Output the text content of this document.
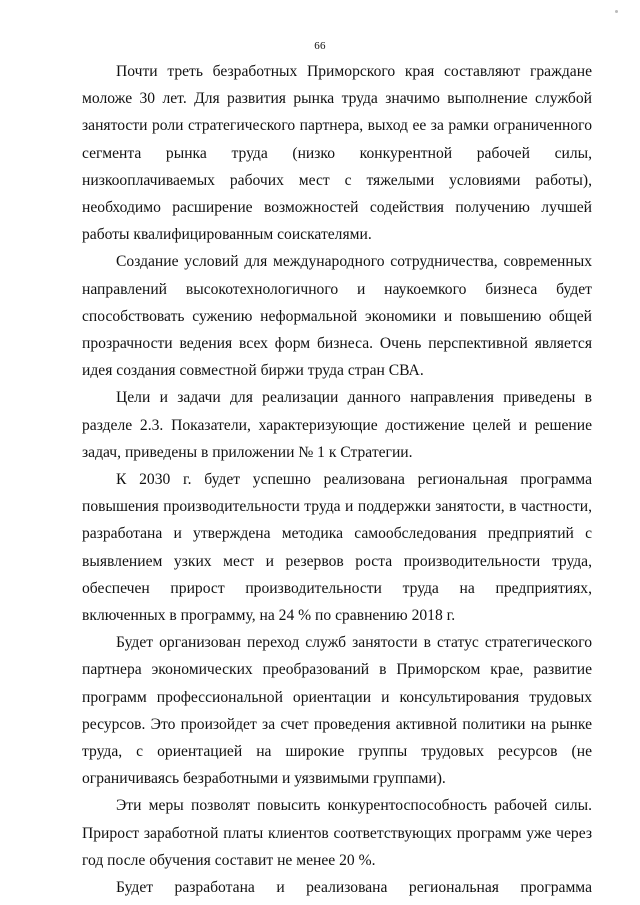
66

Почти треть безработных Приморского края составляют граждане моложе 30 лет. Для развития рынка труда значимо выполнение службой занятости роли стратегического партнера, выход ее за рамки ограниченного сегмента рынка труда (низко конкурентной рабочей силы, низкооплачиваемых рабочих мест с тяжелыми условиями работы), необходимо расширение возможностей содействия получению лучшей работы квалифицированным соискателями.

Создание условий для международного сотрудничества, современных направлений высокотехнологичного и наукоемкого бизнеса будет способствовать сужению неформальной экономики и повышению общей прозрачности ведения всех форм бизнеса. Очень перспективной является идея создания совместной биржи труда стран СВА.

Цели и задачи для реализации данного направления приведены в разделе 2.3. Показатели, характеризующие достижение целей и решение задач, приведены в приложении № 1 к Стратегии.

К 2030 г. будет успешно реализована региональная программа повышения производительности труда и поддержки занятости, в частности, разработана и утверждена методика самообследования предприятий с выявлением узких мест и резервов роста производительности труда, обеспечен прирост производительности труда на предприятиях, включенных в программу, на 24 % по сравнению 2018 г.

Будет организован переход служб занятости в статус стратегического партнера экономических преобразований в Приморском крае, развитие программ профессиональной ориентации и консультирования трудовых ресурсов. Это произойдет за счет проведения активной политики на рынке труда, с ориентацией на широкие группы трудовых ресурсов (не ограничиваясь безработными и уязвимыми группами).

Эти меры позволят повысить конкурентоспособность рабочей силы. Прирост заработной платы клиентов соответствующих программ уже через год после обучения составит не менее 20 %.

Будет разработана и реализована региональная программа
